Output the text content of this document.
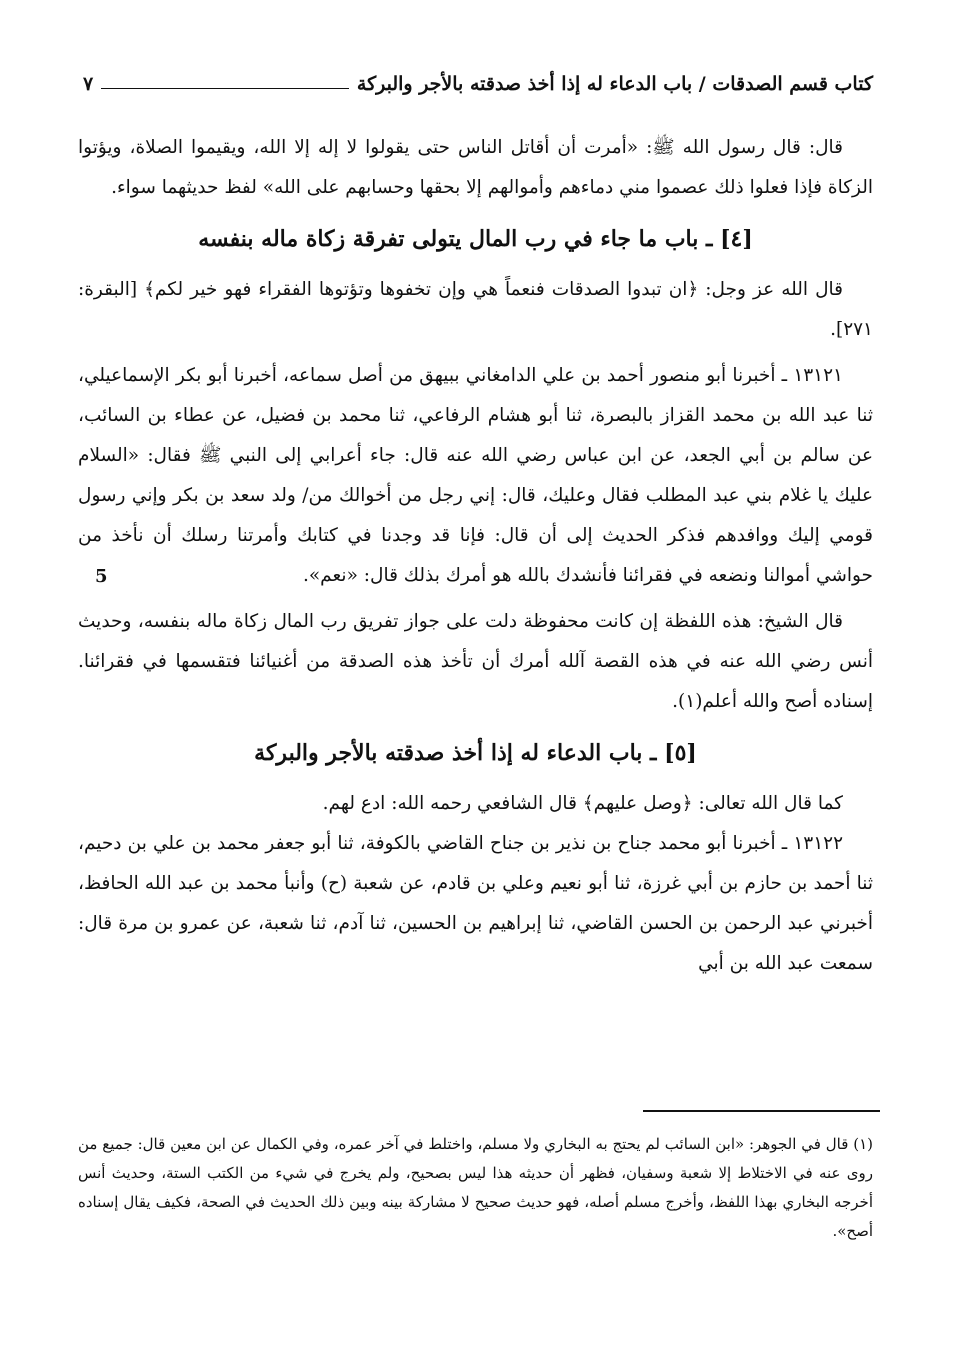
كتاب قسم الصدقات / باب الدعاء له إذا أخذ صدقته بالأجر والبركة
٧

قال: قال رسول الله ﷺ: «أمرت أن أقاتل الناس حتى يقولوا لا إله إلا الله، ويقيموا الصلاة، ويؤتوا الزكاة فإذا فعلوا ذلك عصموا مني دماءهم وأموالهم إلا بحقها وحسابهم على الله» لفظ حديثهما سواء.

[٤] ـ باب ما جاء في رب المال يتولى تفرقة زكاة ماله بنفسه

قال الله عز وجل: ﴿ان تبدوا الصدقات فنعماً هي وإن تخفوها وتؤتوها الفقراء فهو خير لكم﴾ [البقرة: ٢٧١].

١٣١٢١ ـ أخبرنا أبو منصور أحمد بن علي الدامغاني ببيهق من أصل سماعه، أخبرنا أبو بكر الإسماعيلي، ثنا عبد الله بن محمد القزاز بالبصرة، ثنا أبو هشام الرفاعي، ثنا محمد بن فضيل، عن عطاء بن السائب، عن سالم بن أبي الجعد، عن ابن عباس رضي الله عنه قال: جاء أعرابي إلى النبي ﷺ فقال: «السلام عليك يا غلام بني عبد المطلب فقال وعليك، قال: إني رجل من أخوالك من/ ولد سعد بن بكر وإني رسول قومي إليك ووافدهم فذكر الحديث إلى أن قال: فإنا قد وجدنا في كتابك وأمرتنا رسلك أن نأخذ من حواشي أموالنا ونضعه في فقرائنا فأنشدك بالله هو أمرك بذلك قال: «نعم».

قال الشيخ: هذه اللفظة إن كانت محفوظة دلت على جواز تفريق رب المال زكاة ماله بنفسه، وحديث أنس رضي الله عنه في هذه القصة آلله أمرك أن تأخذ هذه الصدقة من أغنيائنا فتقسمها في فقرائنا. إسناده أصح والله أعلم(١).

[٥] ـ باب الدعاء له إذا أخذ صدقته بالأجر والبركة

كما قال الله تعالى: ﴿وصل عليهم﴾ قال الشافعي رحمه الله: ادع لهم.

١٣١٢٢ ـ أخبرنا أبو محمد جناح بن نذير بن جناح القاضي بالكوفة، ثنا أبو جعفر محمد بن علي بن دحيم، ثنا أحمد بن حازم بن أبي غرزة، ثنا أبو نعيم وعلي بن قادم، عن شعبة (ح) وأنبأ محمد بن عبد الله الحافظ، أخبرني عبد الرحمن بن الحسن القاضي، ثنا إبراهيم بن الحسين، ثنا آدم، ثنا شعبة، عن عمرو بن مرة قال: سمعت عبد الله بن أبي

5
(١) قال في الجوهر: «ابن السائب لم يحتج به البخاري ولا مسلم، واختلط في آخر عمره، وفي الكمال عن ابن معين قال: جميع من روى عنه في الاختلاط إلا شعبة وسفيان، فظهر أن حديثه هذا ليس بصحيح، ولم يخرج في شيء من الكتب الستة، وحديث أنس أخرجه البخاري بهذا اللفظ، وأخرج مسلم أصله، فهو حديث صحيح لا مشاركة بينه وبين ذلك الحديث في الصحة، فكيف يقال إسناده أصح».
